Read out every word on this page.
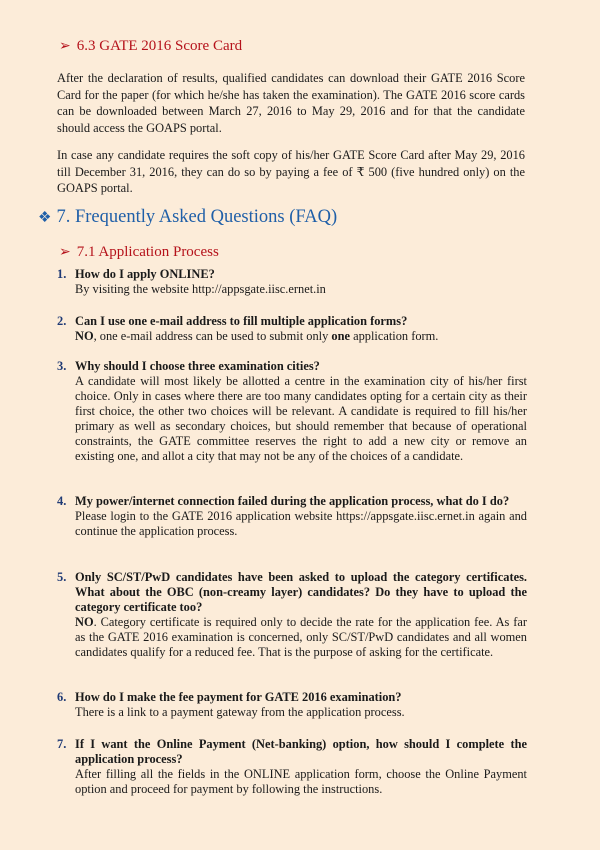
➢ 6.3 GATE 2016 Score Card
After the declaration of results, qualified candidates can download their GATE 2016 Score Card for the paper (for which he/she has taken the examination). The GATE 2016 score cards can be downloaded between March 27, 2016 to May 29, 2016 and for that the candidate should access the GOAPS portal.
In case any candidate requires the soft copy of his/her GATE Score Card after May 29, 2016 till December 31, 2016, they can do so by paying a fee of ₹ 500 (five hundred only) on the GOAPS portal.
❖ 7. Frequently Asked Questions (FAQ)
➢ 7.1 Application Process
1. How do I apply ONLINE?
By visiting the website http://appsgate.iisc.ernet.in
2. Can I use one e-mail address to fill multiple application forms?
NO, one e-mail address can be used to submit only one application form.
3. Why should I choose three examination cities?
A candidate will most likely be allotted a centre in the examination city of his/her first choice. Only in cases where there are too many candidates opting for a certain city as their first choice, the other two choices will be relevant. A candidate is required to fill his/her primary as well as secondary choices, but should remember that because of operational constraints, the GATE committee reserves the right to add a new city or remove an existing one, and allot a city that may not be any of the choices of a candidate.
4. My power/internet connection failed during the application process, what do I do?
Please login to the GATE 2016 application website https://appsgate.iisc.ernet.in again and continue the application process.
5. Only SC/ST/PwD candidates have been asked to upload the category certificates. What about the OBC (non-creamy layer) candidates? Do they have to upload the category certificate too?
NO. Category certificate is required only to decide the rate for the application fee. As far as the GATE 2016 examination is concerned, only SC/ST/PwD candidates and all women candidates qualify for a reduced fee. That is the purpose of asking for the certificate.
6. How do I make the fee payment for GATE 2016 examination?
There is a link to a payment gateway from the application process.
7. If I want the Online Payment (Net-banking) option, how should I complete the application process?
After filling all the fields in the ONLINE application form, choose the Online Payment option and proceed for payment by following the instructions.
